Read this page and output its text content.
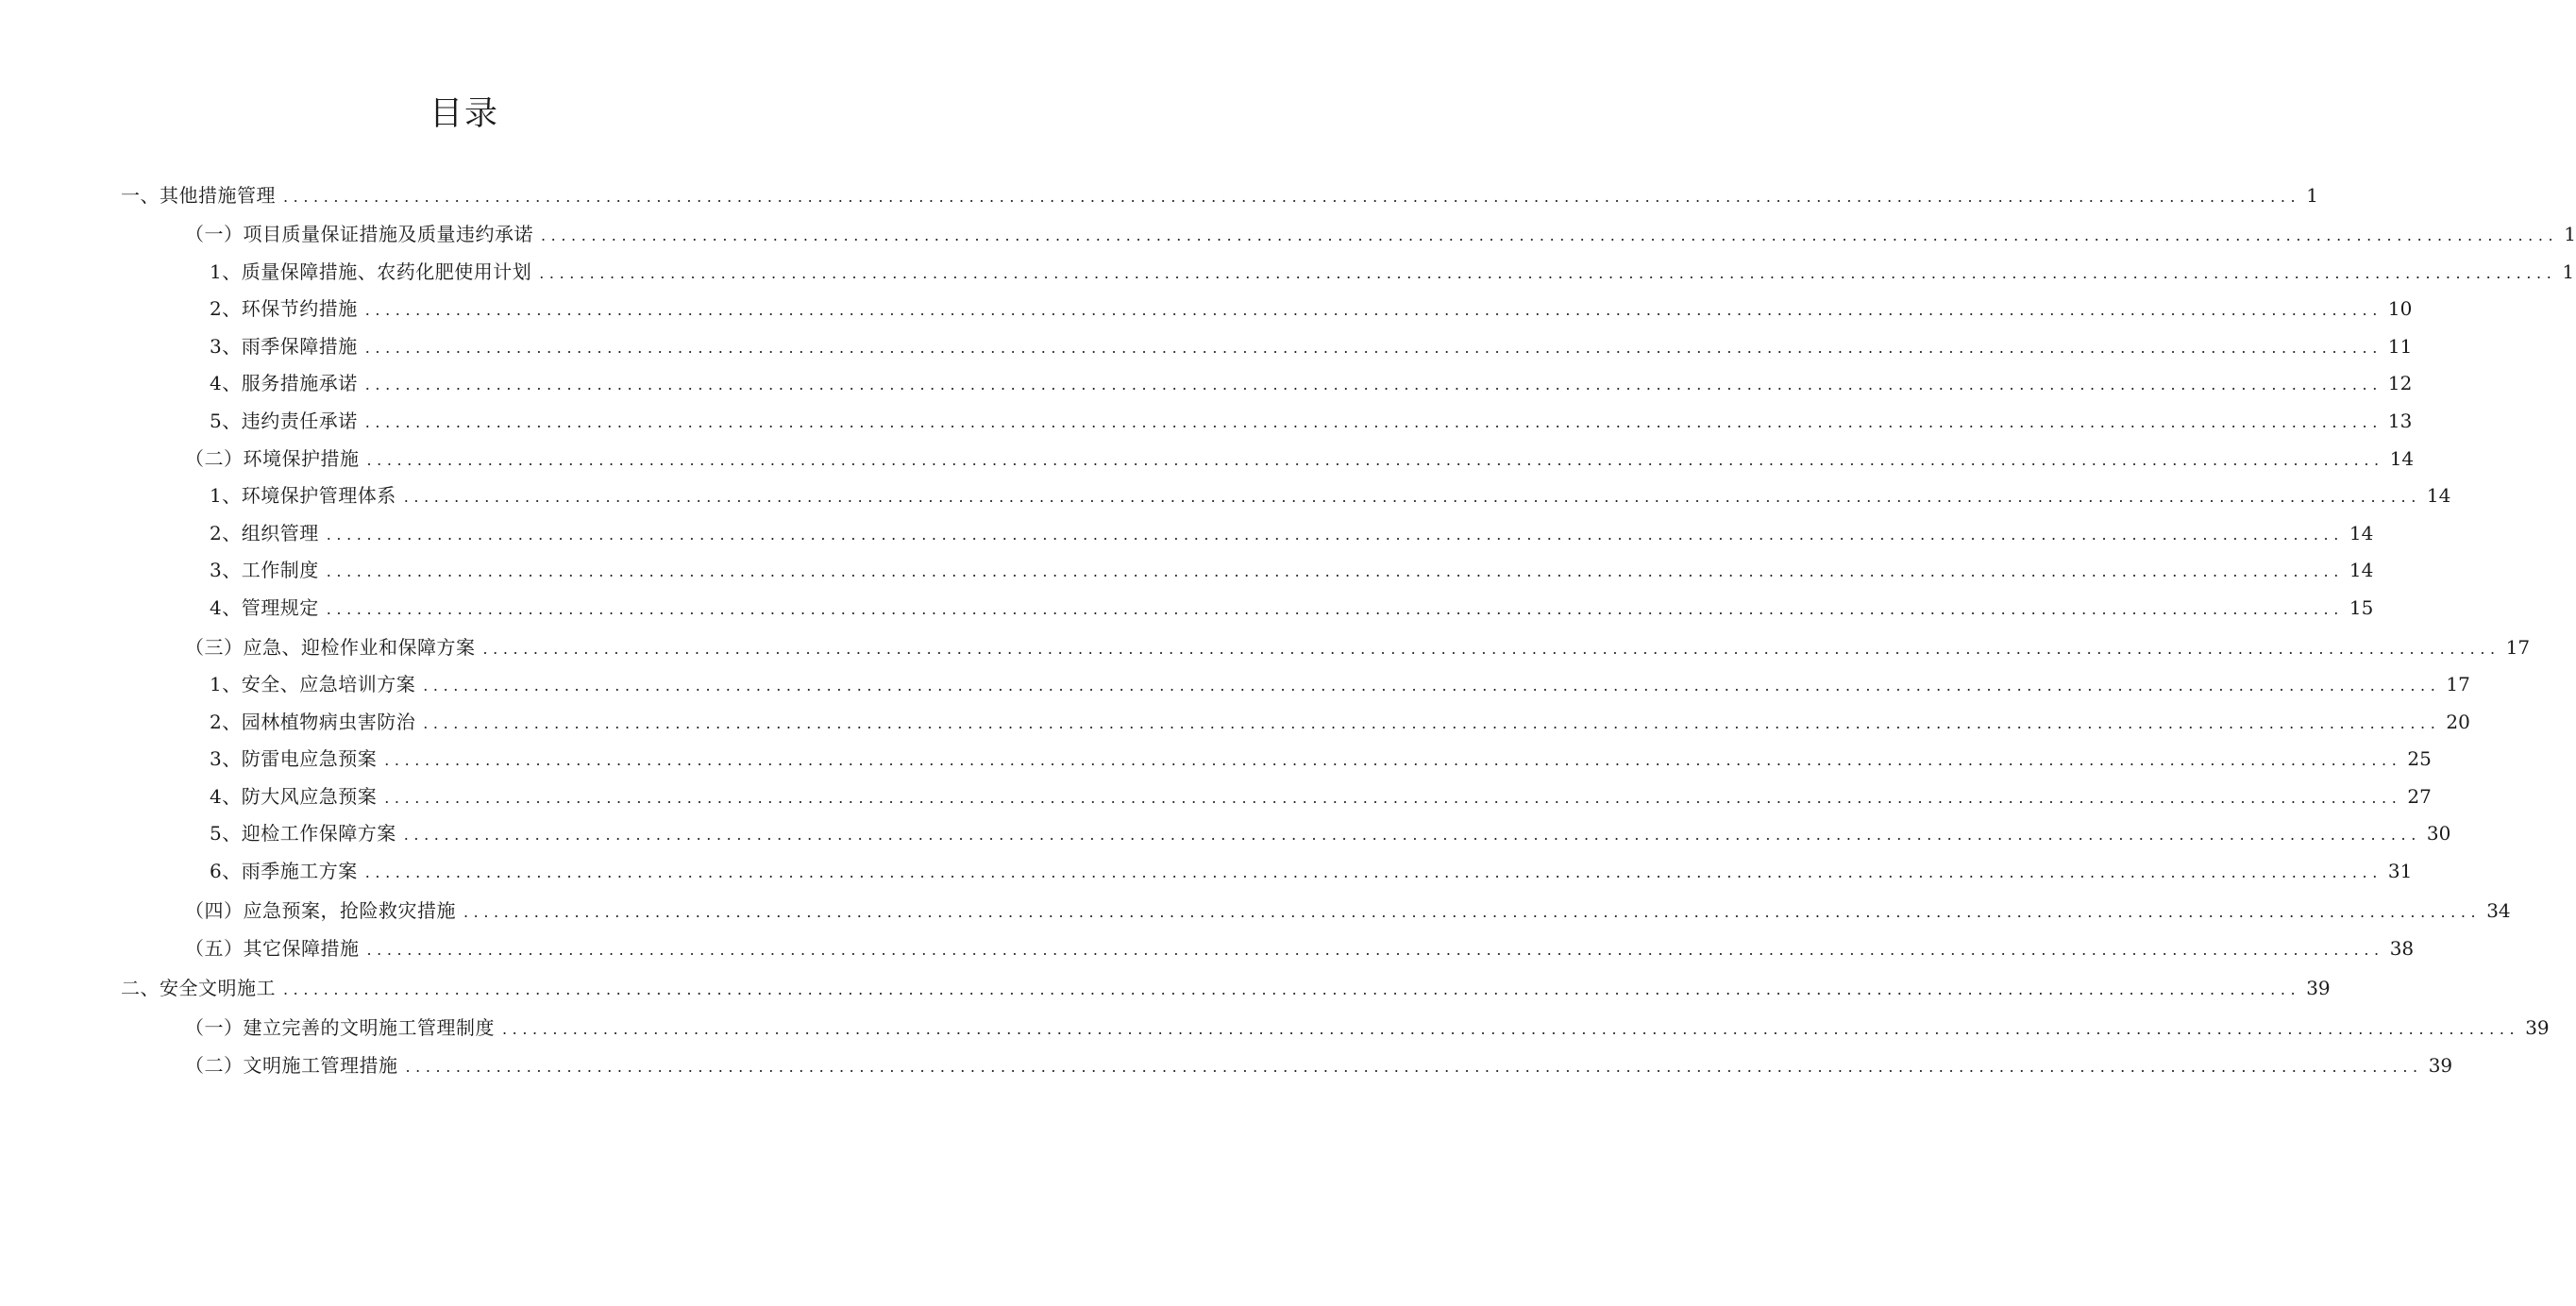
目录
一、其他措施管理 ........................................................................................................................................................................................................ 1
（一）项目质量保证措施及质量违约承诺 ........................................................................................................................................................................................................ 1
1、质量保障措施、农药化肥使用计划 ........................................................................................................................................................................................................ 1
2、环保节约措施 ........................................................................................................................................................................................................ 10
3、雨季保障措施 ........................................................................................................................................................................................................ 11
4、服务措施承诺 ........................................................................................................................................................................................................ 12
5、违约责任承诺 ........................................................................................................................................................................................................ 13
（二）环境保护措施 ........................................................................................................................................................................................................ 14
1、环境保护管理体系 ........................................................................................................................................................................................................ 14
2、组织管理 ........................................................................................................................................................................................................ 14
3、工作制度 ........................................................................................................................................................................................................ 14
4、管理规定 ........................................................................................................................................................................................................ 15
（三）应急、迎检作业和保障方案 ........................................................................................................................................................................................................ 17
1、安全、应急培训方案 ........................................................................................................................................................................................................ 17
2、园林植物病虫害防治 ........................................................................................................................................................................................................ 20
3、防雷电应急预案 ........................................................................................................................................................................................................ 25
4、防大风应急预案 ........................................................................................................................................................................................................ 27
5、迎检工作保障方案 ........................................................................................................................................................................................................ 30
6、雨季施工方案 ........................................................................................................................................................................................................ 31
（四）应急预案，抢险救灾措施 ........................................................................................................................................................................................................ 34
（五）其它保障措施 ........................................................................................................................................................................................................ 38
二、安全文明施工 ........................................................................................................................................................................................................ 39
（一）建立完善的文明施工管理制度 ........................................................................................................................................................................................................ 39
（二）文明施工管理措施 ........................................................................................................................................................................................................ 39
